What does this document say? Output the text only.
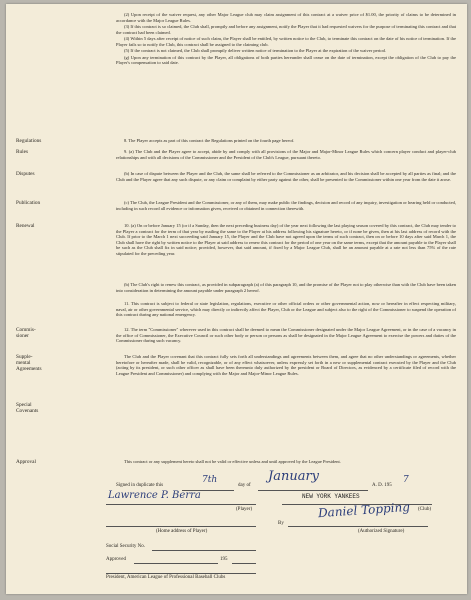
(2) Upon receipt of the waiver request, any other Major League club may claim assignment of this contract at a waiver price of $1.00, the priority of claims to be determined in accordance with the Major League Rules.

(3) If this contract is so claimed, the Club shall, promptly and before any assignment, notify the Player that it had requested waivers for the purpose of terminating this contract and that the contract had been claimed.

(4) Within 5 days after receipt of notice of such claim, the Player shall be entitled, by written notice to the Club, to terminate this contract on the date of his notice of termination. If the Player fails so to notify the Club, this contract shall be assigned to the claiming club.

(5) If the contract is not claimed, the Club shall promptly deliver written notice of termination to the Player at the expiration of the waiver period.

(g) Upon any termination of this contract by the Player, all obligations of both parties hereunder shall cease on the date of termination, except the obligation of the Club to pay the Player's compensation to said date.

Regulations	8. The Player accepts as part of this contract the Regulations printed on the fourth page hereof.

Rules	9. (a) The Club and the Player agree to accept, abide by and comply with all provisions of the Major and Major-Minor League Rules which concern player conduct and player-club relationships and with all decisions of the Commissioner and the President of the Club's League, pursuant thereto.

Disputes	(b) In case of dispute between the Player and the Club, the same shall be referred to the Commissioner as an arbitrator, and his decision shall be accepted by all parties as final; and the Club and the Player agree that any such dispute, or any claim or complaint by either party against the other, shall be presented to the Commissioner within one year from the date it arose.

Publication	(c) The Club, the League President and the Commissioner, or any of them, may make public the findings, decision and record of any inquiry, investigation or hearing held or conducted, including in such record all evidence or information given, received or obtained in connection therewith.

Renewal	10. (a) On or before January 15 (or if a Sunday, then the next preceding business day) of the year next following the last playing season covered by this contract, the Club may tender to the Player a contract for the term of that year by mailing the same to the Player at his address following his signature hereto, or if none be given, then at his last address of record with the Club. If prior to the March 1 next succeeding said January 15, the Player and the Club have not agreed upon the terms of such contract, then on or before 10 days after said March 1, the Club shall have the right by written notice to the Player at said address to renew this contract for the period of one year on the same terms, except that the amount payable to the Player shall be such as the Club shall fix in said notice; provided, however, that said amount, if fixed by a Major League Club, shall be an amount payable at a rate not less than 75% of the rate stipulated for the preceding year.

(b) The Club's right to renew this contract, as provided in subparagraph (a) of this paragraph 10, and the promise of the Player not to play otherwise than with the Club have been taken into consideration in determining the amount payable under paragraph 2 hereof.

11. This contract is subject to federal or state legislation, regulations, executive or other official orders or other governmental action, now or hereafter in effect respecting military, naval, air or other governmental service, which may directly or indirectly affect the Player, Club or the League and subject also to the right of the Commissioner to suspend the operation of this contract during any national emergency.

Commis-
sioner

12. The term "Commissioner" wherever used in this contract shall be deemed to mean the Commissioner designated under the Major League Agreement, or in the case of a vacancy in the office of Commissioner, the Executive Council or such other body or person or persons as shall be designated in the Major League Agreement to exercise the powers and duties of the Commissioner during such vacancy.

Supple-
mental
Agreements

The Club and the Player covenant that this contract fully sets forth all understandings and agreements between them, and agree that no other understandings or agreements, whether heretofore or hereafter made, shall be valid, recognizable, or of any effect whatsoever, unless expressly set forth in a new or supplemental contract executed by the Player and the Club (acting by its president, or such other officer as shall have been thereunto duly authorized by the president or Board of Directors, as evidenced by a certificate filed of record with the League President and Commissioner) and complying with the Major and Major-Minor League Rules.

Special
Covenants
Approval	This contract or any supplement hereto shall not be valid or effective unless and until approved by the League President.

Signed in duplicate this
7th
day of
January
A. D. 195
7
Lawrence P. Berra
(Player)
NEW YORK YANKEES
(Club)
(Home address of Player)
By
Daniel Topping
(Authorized Signature)
Social Security No.
Approved	195
President, American League of Professional Baseball Clubs
